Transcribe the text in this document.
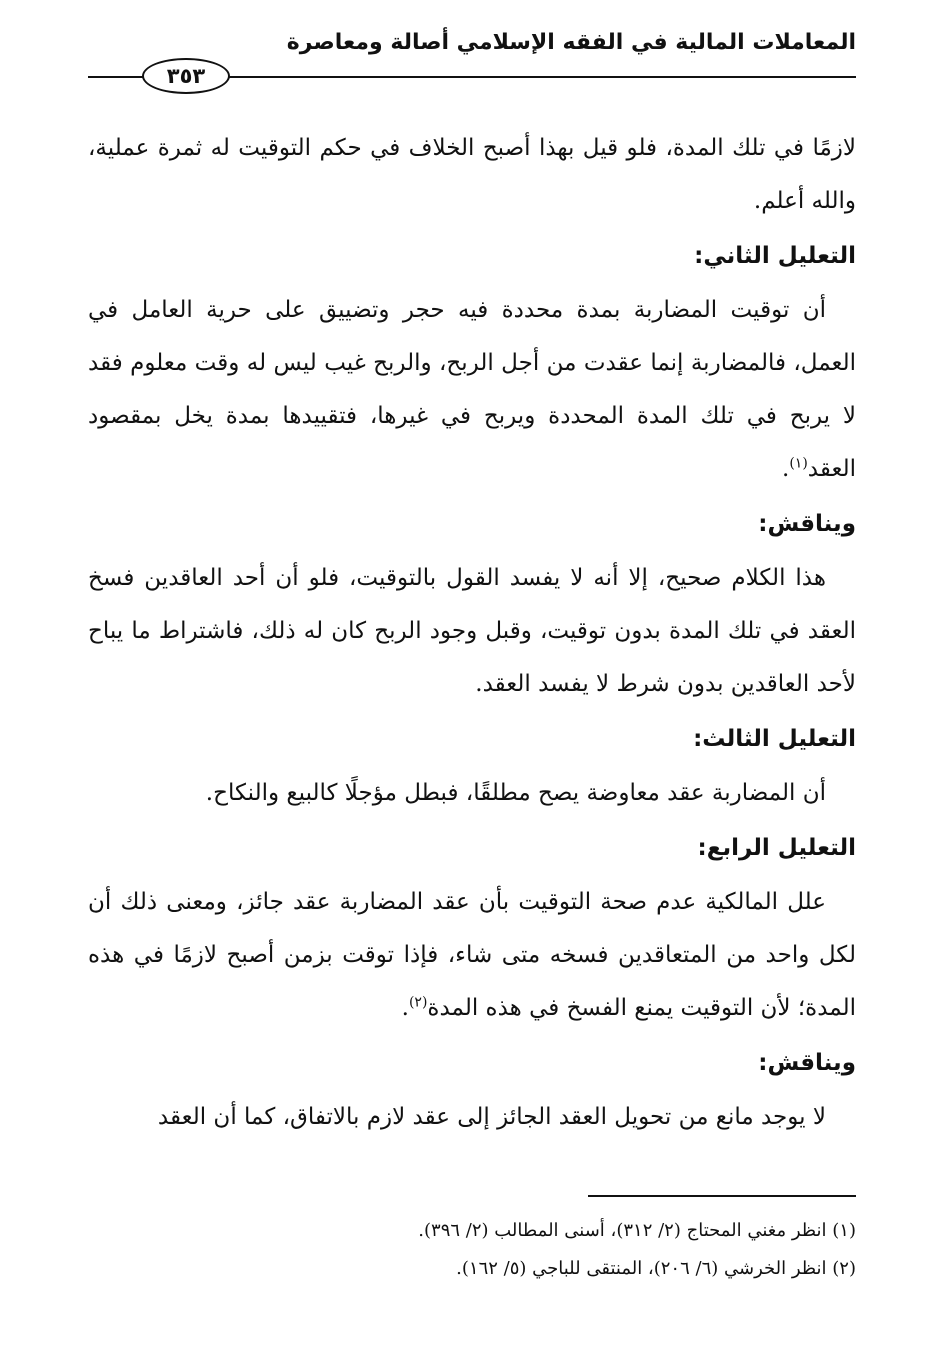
المعاملات المالية في الفقه الإسلامي أصالة ومعاصرة
٣٥٣

لازمًا في تلك المدة، فلو قيل بهذا أصبح الخلاف في حكم التوقيت له ثمرة عملية، والله أعلم.

التعليل الثاني:

أن توقيت المضاربة بمدة محددة فيه حجر وتضييق على حرية العامل في العمل، فالمضاربة إنما عقدت من أجل الربح، والربح غيب ليس له وقت معلوم فقد لا يربح في تلك المدة المحددة ويربح في غيرها، فتقييدها بمدة يخل بمقصود العقد$^{(١)}$.

ويناقش:

هذا الكلام صحيح، إلا أنه لا يفسد القول بالتوقيت، فلو أن أحد العاقدين فسخ العقد في تلك المدة بدون توقيت، وقبل وجود الربح كان له ذلك، فاشتراط ما يباح لأحد العاقدين بدون شرط لا يفسد العقد.

التعليل الثالث:

أن المضاربة عقد معاوضة يصح مطلقًا، فبطل مؤجلًا كالبيع والنكاح.

التعليل الرابع:

علل المالكية عدم صحة التوقيت بأن عقد المضاربة عقد جائز، ومعنى ذلك أن لكل واحد من المتعاقدين فسخه متى شاء، فإذا توقت بزمن أصبح لازمًا في هذه المدة؛ لأن التوقيت يمنع الفسخ في هذه المدة$^{(٢)}$.

ويناقش:

لا يوجد مانع من تحويل العقد الجائز إلى عقد لازم بالاتفاق، كما أن العقد

(١) انظر مغني المحتاج (٢/ ٣١٢)، أسنى المطالب (٢/ ٣٩٦).

(٢) انظر الخرشي (٦/ ٢٠٦)، المنتقى للباجي (٥/ ١٦٢).
